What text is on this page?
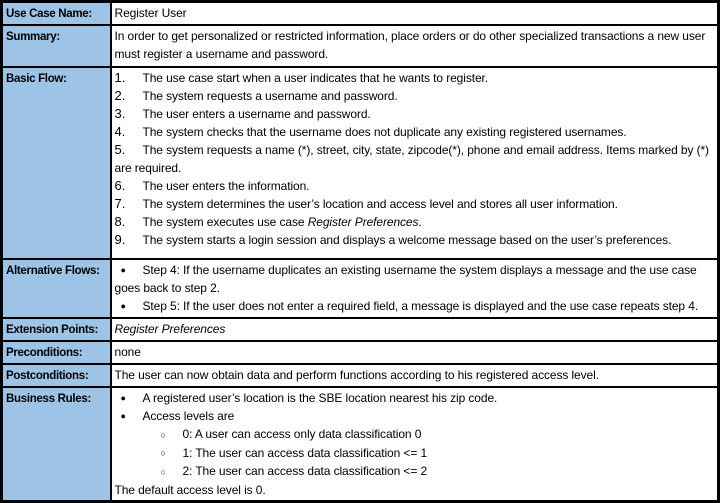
Use Case Name:	Register User
Summary:	In order to get personalized or restricted information, place orders or do other specialized transactions a new user must register a username and password.
Basic Flow:	1. The use case start when a user indicates that he wants to register.
2. The system requests a username and password.
3. The user enters a username and password.
4. The system checks that the username does not duplicate any existing registered usernames.
5. The system requests a name (*), street, city, state, zipcode(*), phone and email address. Items marked by (*) are required.
6. The user enters the information.
7. The system determines the user’s location and access level and stores all user information.
8. The system executes use case Register Preferences.
9. The system starts a login session and displays a welcome message based on the user’s preferences.

Alternative Flows:	● Step 4: If the username duplicates an existing username the system displays a message and the use case goes back to step 2.
● Step 5: If the user does not enter a required field, a message is displayed and the use case repeats step 4.

Extension Points:	Register Preferences
Preconditions:	none
Postconditions:	The user can now obtain data and perform functions according to his registered access level.
Business Rules:	● A registered user’s location is the SBE location nearest his zip code.
● Access levels are
○ 0: A user can access only data classification 0
○ 1: The user can access data classification <= 1
○ 2: The user can access data classification <= 2
The default access level is 0.
